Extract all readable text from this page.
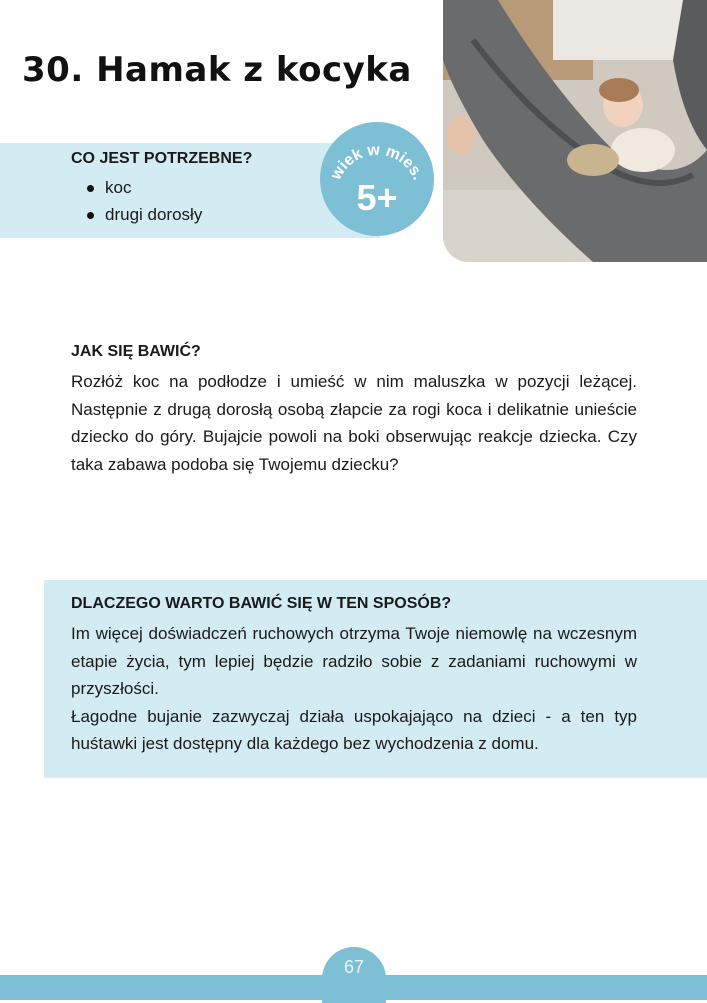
30. Hamak z kocyka
CO JEST POTRZEBNE?
koc
drugi dorosły
wiek w mies.
5+
JAK SIĘ BAWIĆ?

Rozłóż koc na podłodze i umieść w nim maluszka w pozycji leżącej. Następnie z drugą dorosłą osobą złapcie za rogi koca i delikatnie unieście dziecko do góry. Bujajcie powoli na boki obserwując reakcje dziecka. Czy taka zabawa podoba się Twojemu dziecku?

DLACZEGO WARTO BAWIĆ SIĘ W TEN SPOSÓB?
Im więcej doświadczeń ruchowych otrzyma Twoje niemowlę na wczesnym etapie życia, tym lepiej będzie radziło sobie z zadaniami ruchowymi w przyszłości.
Łagodne bujanie zazwyczaj działa uspokajająco na dzieci - a ten typ huśtawki jest dostępny dla każdego bez wychodzenia z domu.
67
